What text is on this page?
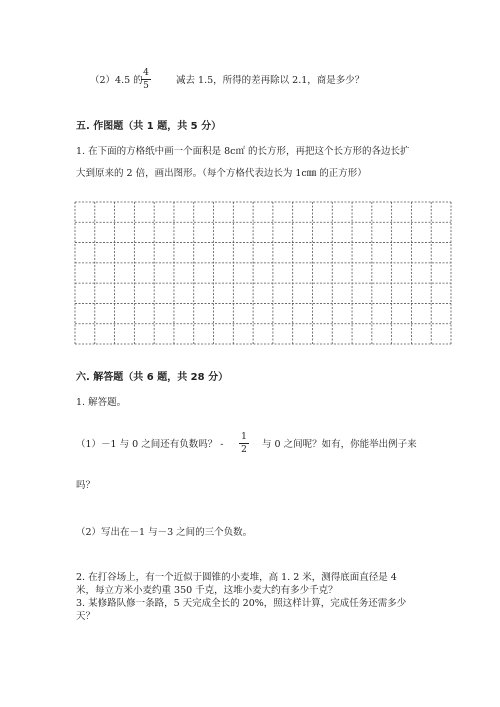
（2）4.5 的
4
5	减去 1.5，所得的差再除以 2.1，商是多少？
五. 作图题（共 1 题，共 5 分）
1. 在下面的方格纸中画一个面积是 8c㎡ 的长方形，再把这个长方形的各边长扩
大到原来的 2 倍，画出图形。（每个方格代表边长为 1c㎜ 的正方形）
六. 解答题（共 6 题，共 28 分）
1. 解答题。
（1）－1 与 0 之间还有负数吗？ -
1
2	与 0 之间呢？如有，你能举出例子来
吗？
（2）写出在－1 与－3 之间的三个负数。
2. 在打谷场上，有一个近似于圆锥的小麦堆，高 1. 2 米，测得底面直径是 4
米，每立方米小麦约重 350 千克，这堆小麦大约有多少千克？
3. 某修路队修一条路，5 天完成全长的 20%，照这样计算，完成任务还需多少
天？
